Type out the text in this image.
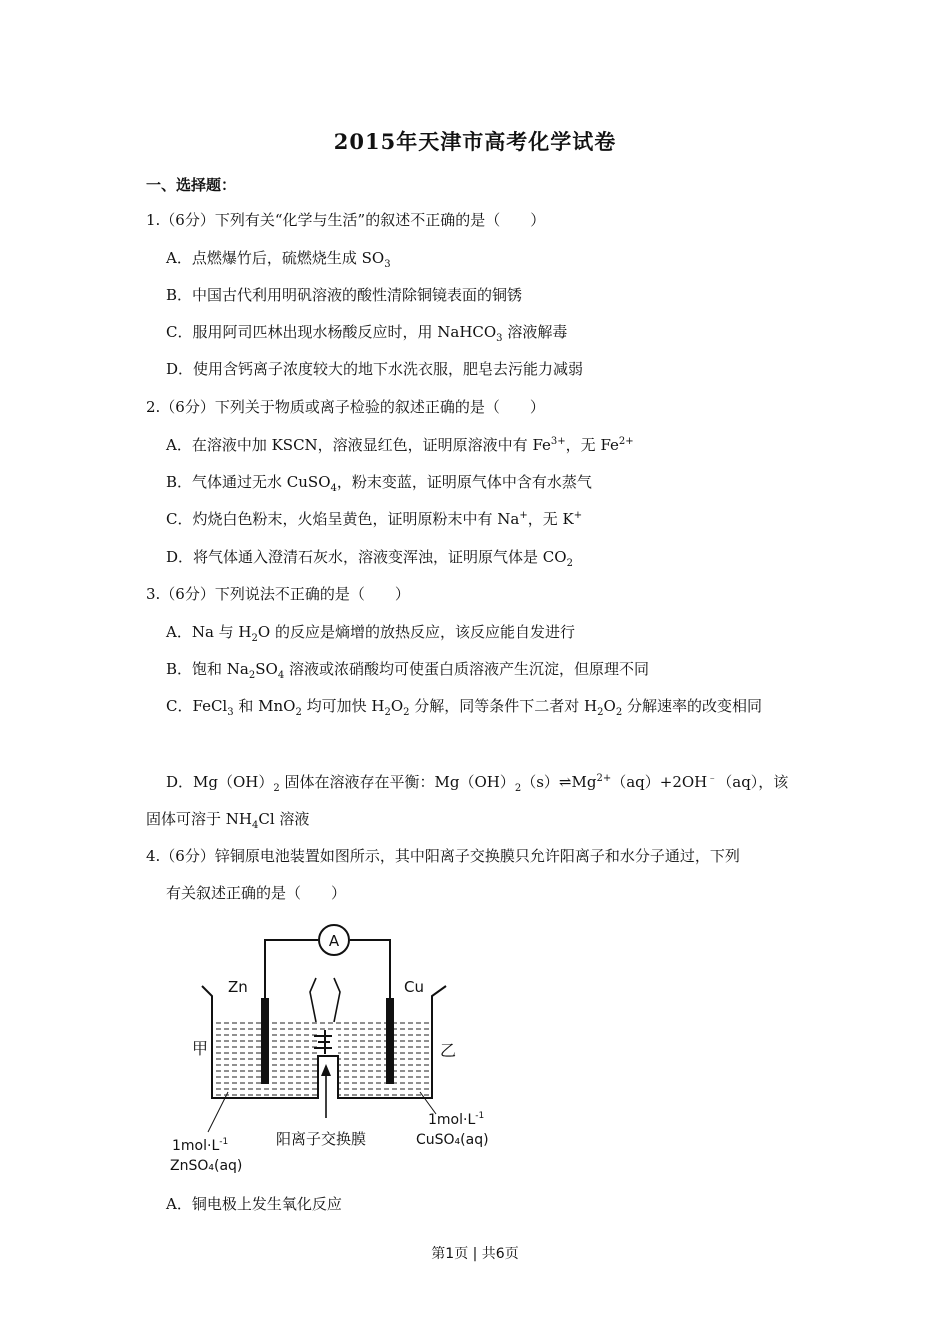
2015年天津市高考化学试卷
一、选择题：
1.（6分）下列有关“化学与生活”的叙述不正确的是（　　）
A．点燃爆竹后，硫燃烧生成 $SO_3$
B．中国古代利用明矾溶液的酸性清除铜镜表面的铜锈
C．服用阿司匹林出现水杨酸反应时，用 NaHCO$_3$ 溶液解毒
D．使用含钙离子浓度较大的地下水洗衣服，肥皂去污能力减弱
2.（6分）下列关于物质或离子检验的叙述正确的是（　　）
A．在溶液中加 KSCN，溶液显红色，证明原溶液中有 $Fe^{3+}$，无 $Fe^{2+}$
B．气体通过无水 CuSO$_4$，粉末变蓝，证明原气体中含有水蒸气
C．灼烧白色粉末，火焰呈黄色，证明原粉末中有 Na+，无 K+
D．将气体通入澄清石灰水，溶液变浑浊，证明原气体是 $CO_2$
3.（6分）下列说法不正确的是（　　）
A．Na 与 $H_2O$ 的反应是熵增的放热反应，该反应能自发进行
B．饱和 $Na_2SO_4$ 溶液或浓硝酸均可使蛋白质溶液产生沉淀，但原理不同
C．FeCl$_3$ 和 MnO$_2$ 均可加快 $H_2O_2$ 分解，同等条件下二者对 $H_2O_2$ 分解速率的改变相同
D．$Mg(OH)_2$ 固体在溶液存在平衡：$Mg(OH)_2(s)\rightleftharpoons Mg^{2+}(aq)+2OH^﹣(aq)$，该
固体可溶于 $NH_4Cl$ 溶液
4.（6分）锌铜原电池装置如图所示，其中阳离子交换膜只允许阳离子和水分子通过，下列
有关叙述正确的是（　　）
A
Zn	Cu
甲	乙
阳离子交换膜
$1mol\cdot L^{-1}$
ZnSO₄(aq)
$1mol\cdot L^{-1}$
CuSO₄(aq)
A．铜电极上发生氧化反应
第1页 | 共6页
